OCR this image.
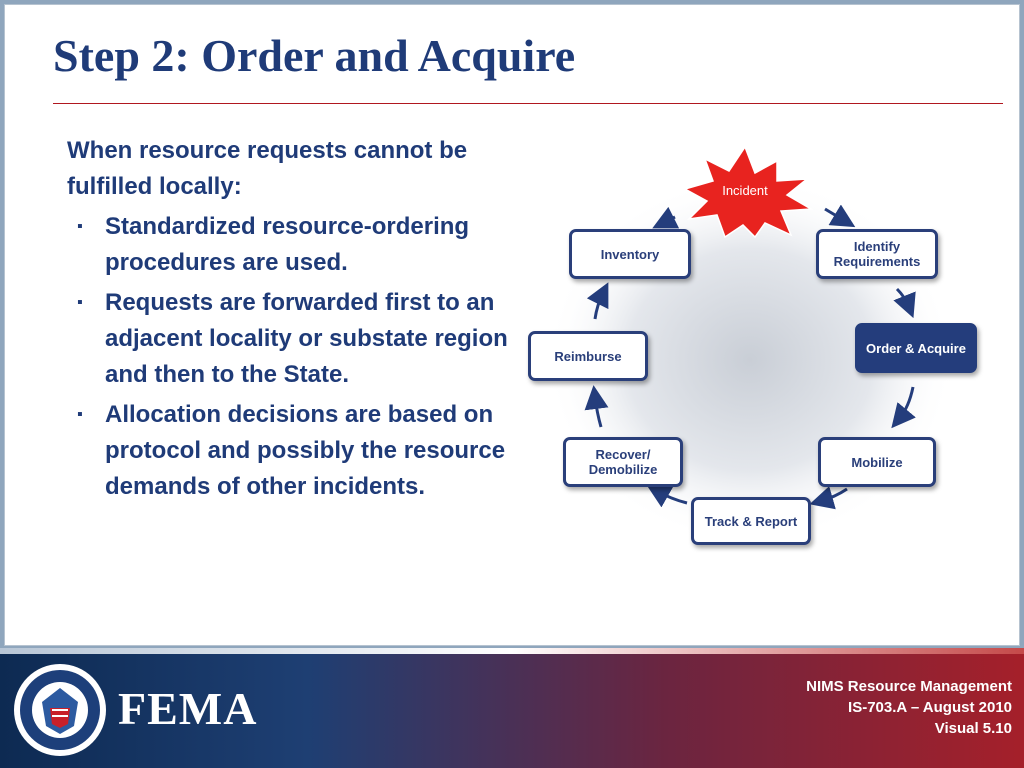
Step 2: Order and Acquire

When resource requests cannot be fulfilled locally:

▪ Standardized resource-ordering procedures are used.
▪ Requests are forwarded first to an adjacent locality or substate region and then to the State.
▪ Allocation decisions are based on protocol and possibly the resource demands of other incidents.
Incident
Identify Requirements
Order & Acquire
Mobilize
Track & Report
Recover/ Demobilize
Reimburse
Inventory
FEMA	NIMS Resource Management
IS-703.A – August 2010
Visual 5.10
